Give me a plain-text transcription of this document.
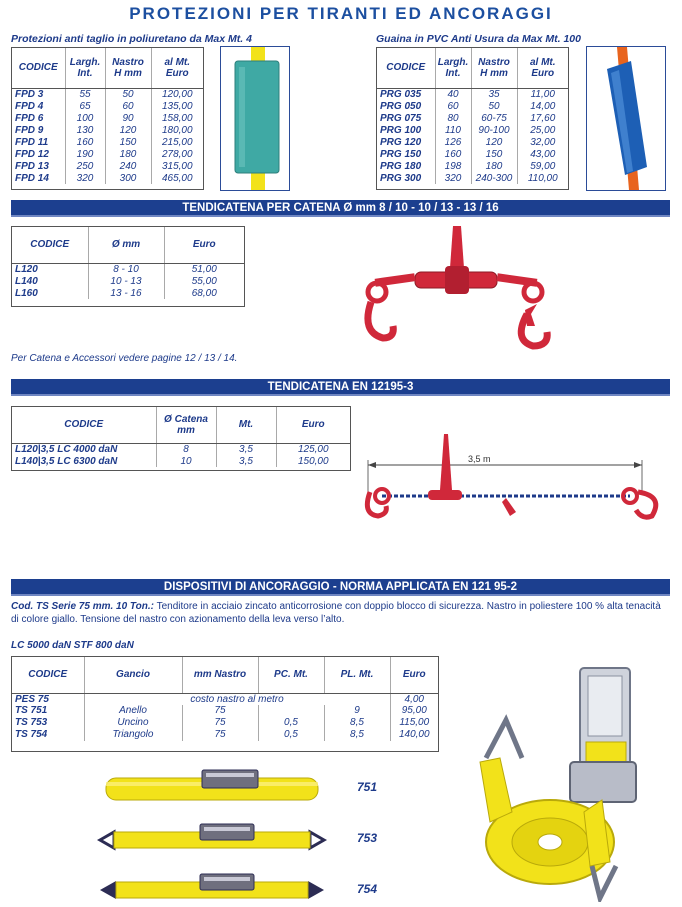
PROTEZIONI PER TIRANTI ED ANCORAGGI
Protezioni anti taglio in poliuretano da Max Mt. 4
CODICE	Largh. Int.	Nastro H mm	al Mt. Euro
FPD 3	55	50	120,00
FPD 4	65	60	135,00
FPD 6	100	90	158,00
FPD 9	130	120	180,00
FPD 11	160	150	215,00
FPD 12	190	180	278,00
FPD 13	250	240	315,00
FPD 14	320	300	465,00
Guaina in PVC Anti Usura da Max Mt. 100
CODICE	Largh. Int.	Nastro H mm	al Mt. Euro
PRG 035	40	35	11,00
PRG 050	60	50	14,00
PRG 075	80	60-75	17,60
PRG 100	110	90-100	25,00
PRG 120	126	120	32,00
PRG 150	160	150	43,00
PRG 180	198	180	59,00
PRG 300	320	240-300	110,00
TENDICATENA PER CATENA Ø mm 8 / 10 - 10 / 13 - 13 / 16
CODICE	Ø mm	Euro
L120	8 - 10	51,00
L140	10 - 13	55,00
L160	13 - 16	68,00
Per Catena e Accessori vedere pagine 12 / 13 / 14.
TENDICATENA EN 12195-3
CODICE	Ø Catena mm	Mt.	Euro
L120|3,5 LC 4000 daN	8	3,5	125,00
L140|3,5 LC 6300 daN	10	3,5	150,00	3,5 m
DISPOSITIVI DI ANCORAGGIO - NORMA APPLICATA EN 121 95-2
Cod. TS Serie 75 mm. 10 Ton.: Tenditore in acciaio zincato anticorrosione con doppio blocco di sicurezza. Nastro in poliestere 100 % alta tenacità di colore giallo. Tensione del nastro con azionamento della leva verso l’alto.
LC 5000 daN STF 800 daN
CODICE	Gancio	mm Nastro	PC. Mt.	PL. Mt.	Euro
PES 75	costo nastro al metro				4,00
TS 751	Anello	75		9	95,00
TS 753	Uncino	75	0,5	8,5	115,00
TS 754	Triangolo	75	0,5	8,5	140,00
751
753
754
